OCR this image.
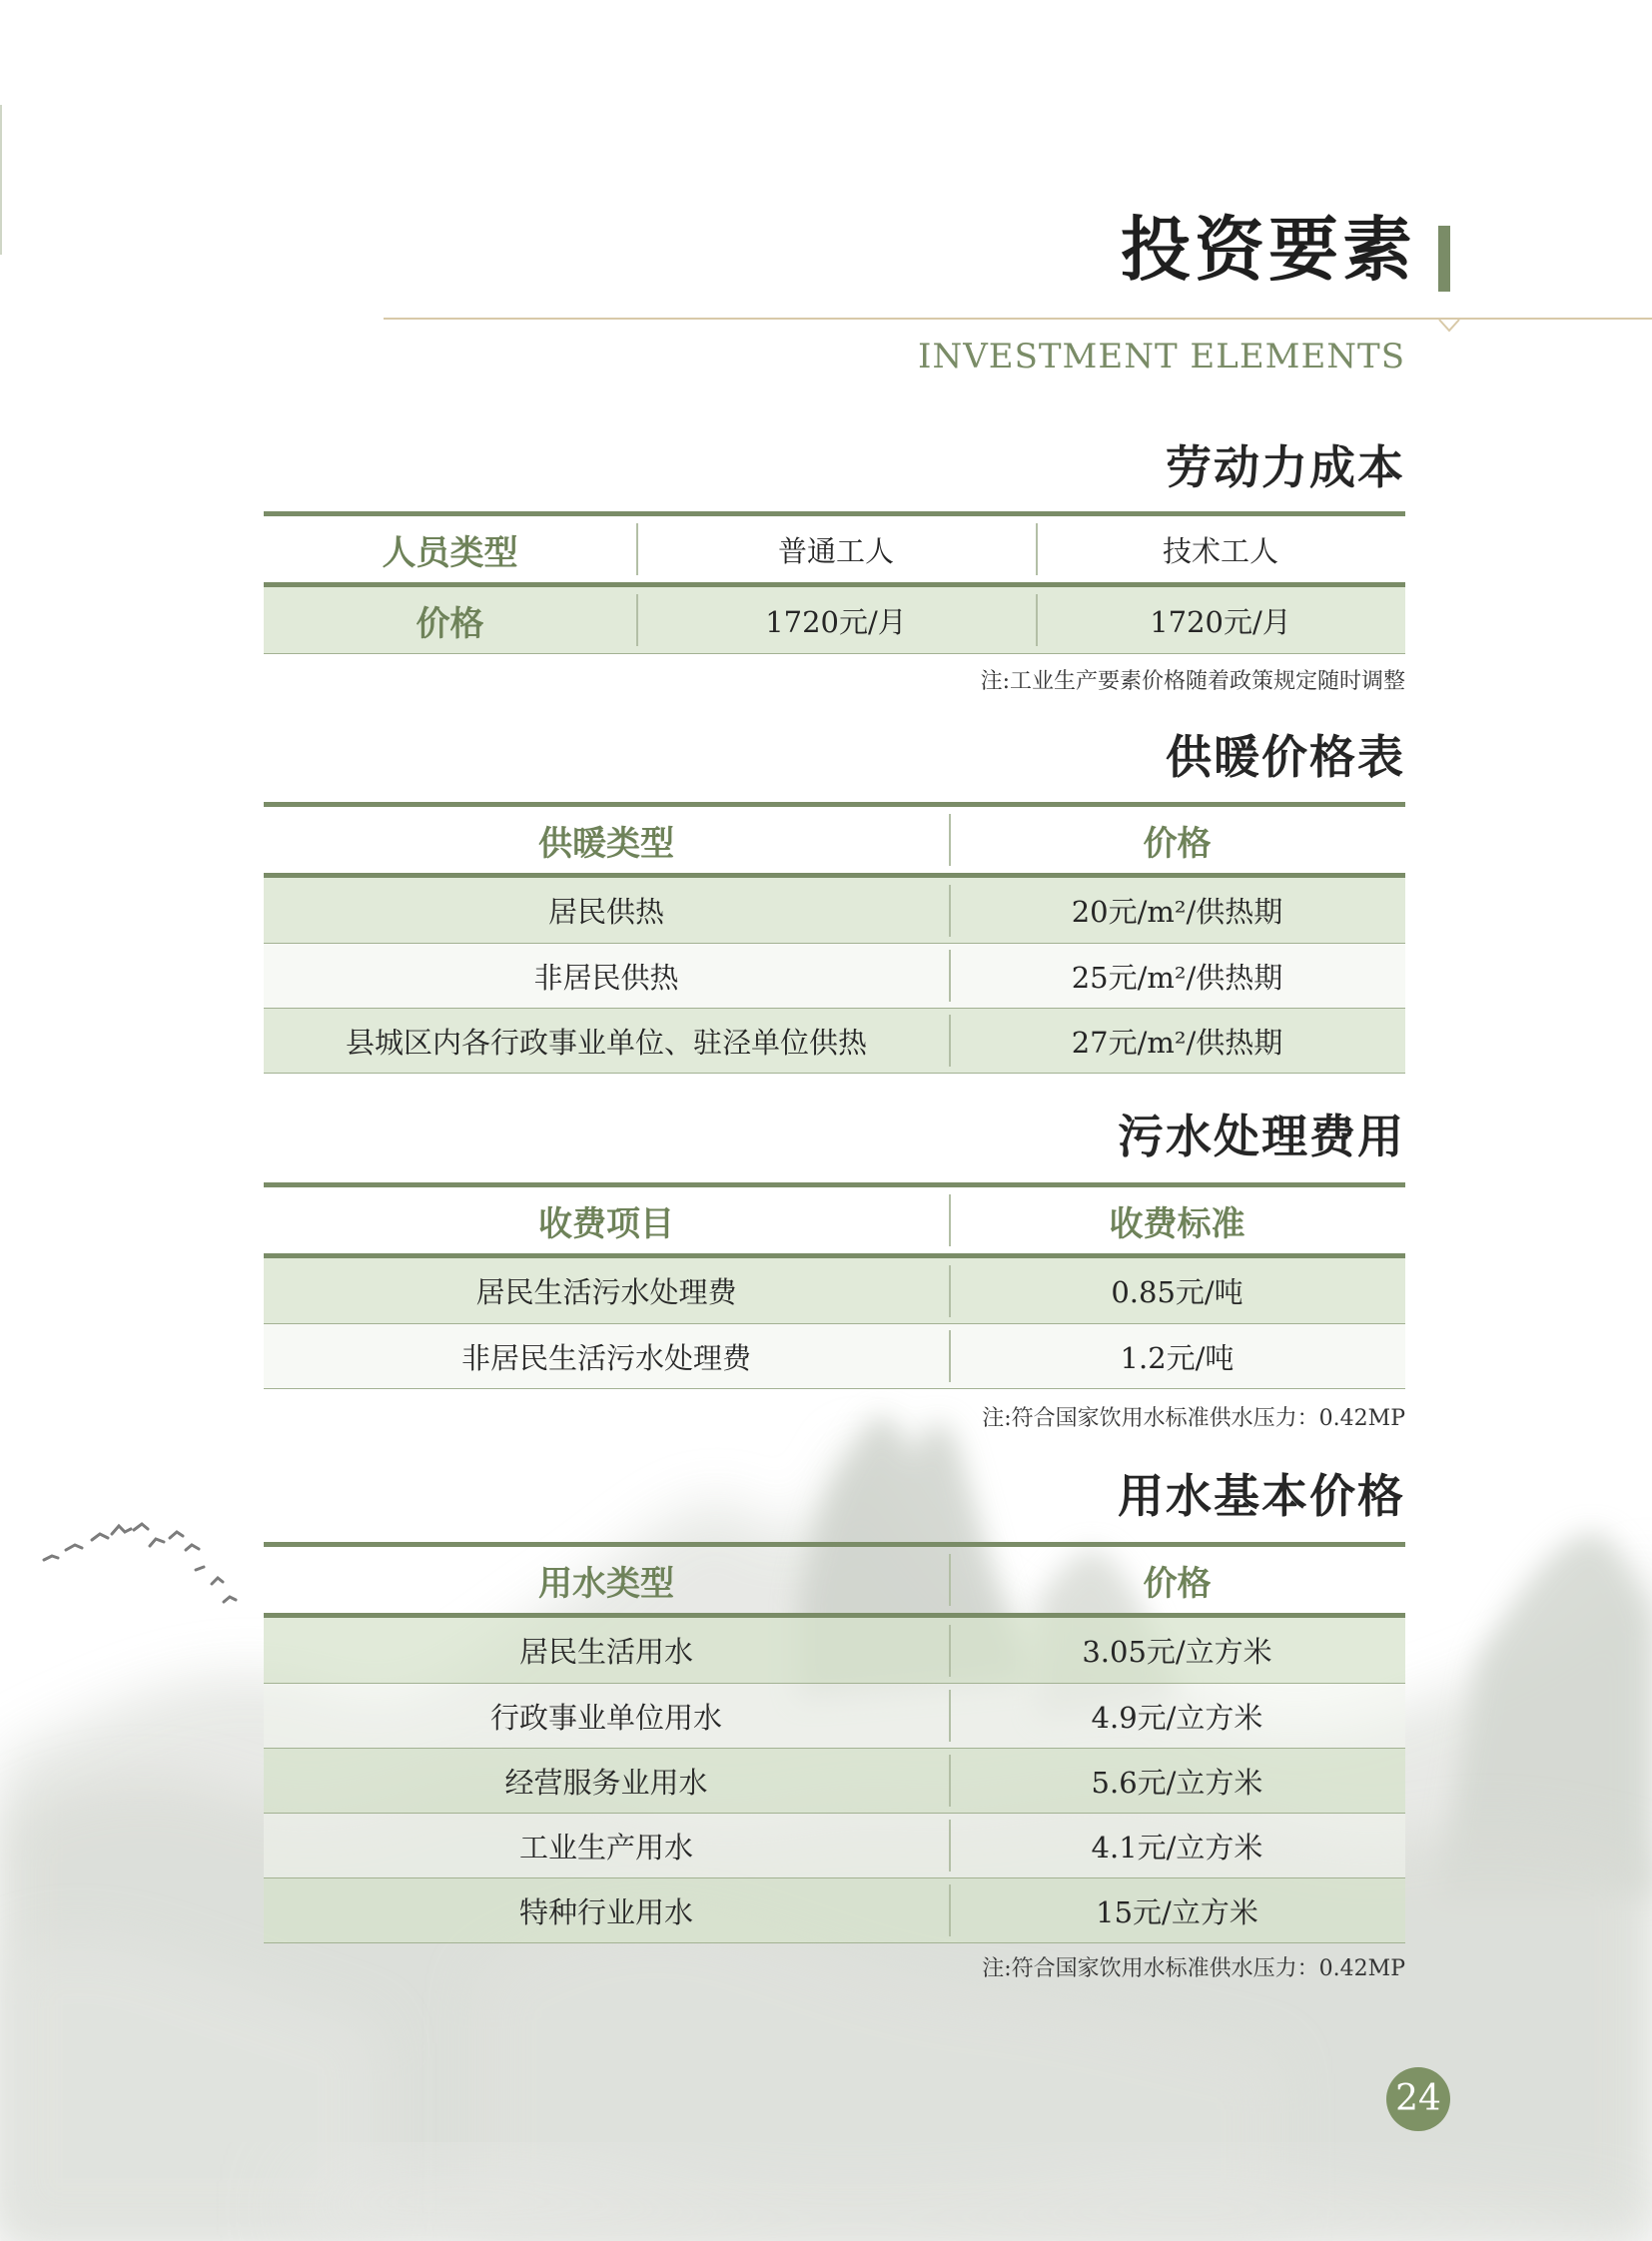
投资要素
INVESTMENT ELEMENTS
劳动力成本
人员类型	普通工人	技术工人
价格	1720元/月	1720元/月
注:工业生产要素价格随着政策规定随时调整
供暖价格表
供暖类型	价格
居民供热	20元/m²/供热期
非居民供热	25元/m²/供热期
县城区内各行政事业单位、驻泾单位供热	27元/m²/供热期
污水处理费用
收费项目	收费标准
居民生活污水处理费	0.85元/吨
非居民生活污水处理费	1.2元/吨
注:符合国家饮用水标准供水压力：0.42MP
用水基本价格
用水类型	价格
居民生活用水	3.05元/立方米
行政事业单位用水	4.9元/立方米
经营服务业用水	5.6元/立方米
工业生产用水	4.1元/立方米
特种行业用水	15元/立方米
注:符合国家饮用水标准供水压力：0.42MP
24
